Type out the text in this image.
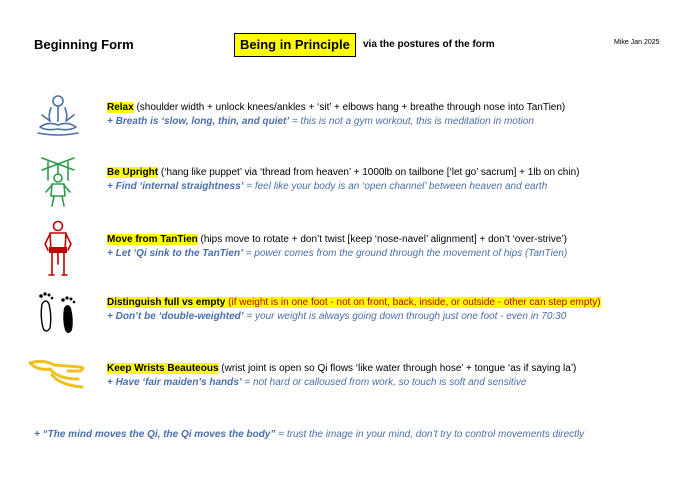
Beginning Form	Being in Principle	via the postures of the form	Mike Jan 2025
Relax (shoulder width + unlock knees/ankles + ‘sit’ + elbows hang + breathe through nose into TanTien)
+ Breath is ‘slow, long, thin, and quiet’ = this is not a gym workout, this is meditation in motion
Be Upright (‘hang like puppet’ via ‘thread from heaven’ + 1000lb on tailbone [‘let go’ sacrum] + 1lb on chin)
+ Find ‘internal straightness’ = feel like your body is an ‘open channel’ between heaven and earth
Move from TanTien (hips move to rotate + don’t twist [keep ‘nose-navel’ alignment] + don’t ‘over-strive’)
+ Let ‘Qi sink to the TanTien’ = power comes from the ground through the movement of hips (TanTien)
Distinguish full vs empty (if weight is in one foot - not on front, back, inside, or outside - other can step empty)
+ Don’t be ‘double-weighted’ = your weight is always going down through just one foot - even in 70:30
Keep Wrists Beauteous (wrist joint is open so Qi flows ‘like water through hose’ + tongue ‘as if saying la’)
+ Have ‘fair maiden’s hands’ = not hard or calloused from work, so touch is soft and sensitive
+ “The mind moves the Qi, the Qi moves the body” = trust the image in your mind, don’t try to control movements directly
